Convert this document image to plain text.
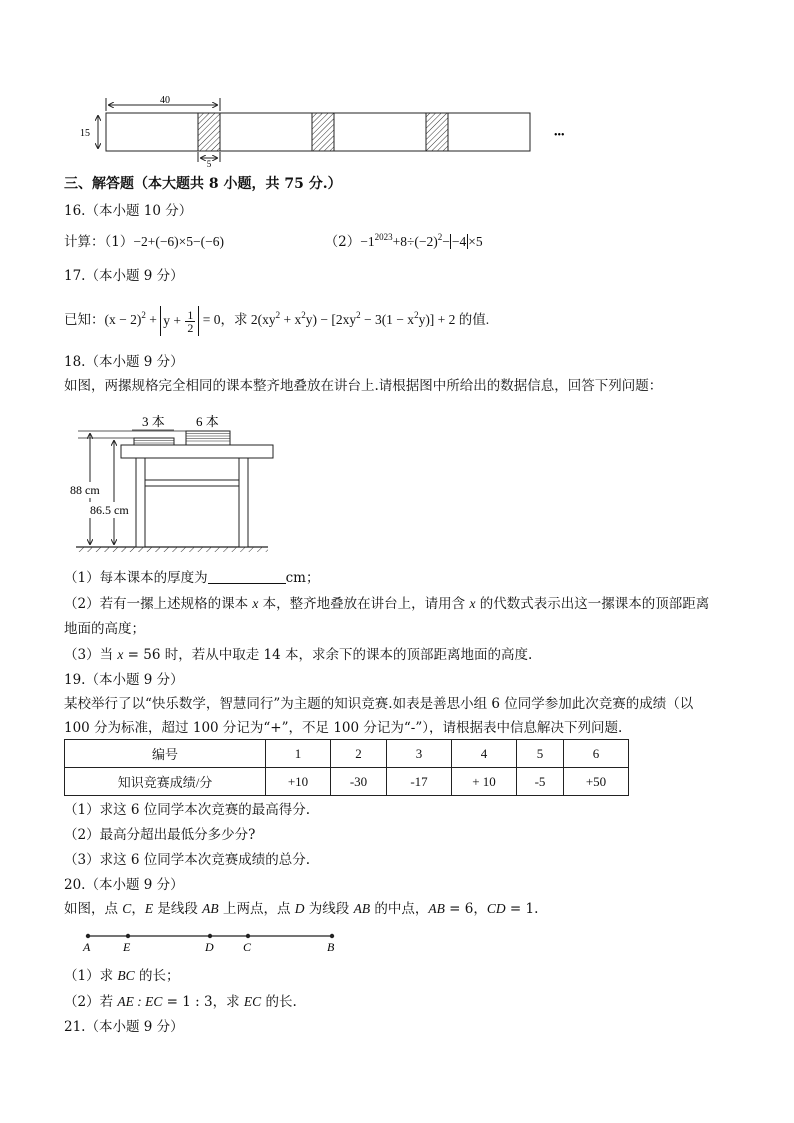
40
15
5
•••
三、解答题（本大题共 8 小题，共 75 分.）
16.（本小题 10 分）
计算：（1）−2+(−6)×5−(−6)	$(2)-1^{2023}+8\div(-2)^2- -4 \times 5$
17.（本小题 9 分）
已知：$(x - 2)^2 + y + \frac{1}{2} = 0$，求 $2(xy^2 + x^2y) - [2xy^2 - 3(1 - x^2y)] + 2$ 的值.
18.（本小题 9 分）
如图，两摞规格完全相同的课本整齐地叠放在讲台上.请根据图中所给出的数据信息，回答下列问题：
3 本 6 本
88 cm
86.5 cm
（1）每本课本的厚度为	cm；
（2）若有一摞上述规格的课本 x 本，整齐地叠放在讲台上，请用含 x 的代数式表示出这一摞课本的顶部距离
地面的高度；
（3）当 x = 56 时，若从中取走 14 本，求余下的课本的顶部距离地面的高度.
19.（本小题 9 分）
某校举行了以“快乐数学，智慧同行”为主题的知识竞赛.如表是善思小组 6 位同学参加此次竞赛的成绩（以
100 分为标准，超过 100 分记为“+”，不足 100 分记为“-”），请根据表中信息解决下列问题.
编号	1	2	3	4	5	6
知识竞赛成绩/分	+10	-30	-17	+ 10	-5	+50
（1）求这 6 位同学本次竞赛的最高得分.
（2）最高分超出最低分多少分?
（3）求这 6 位同学本次竞赛成绩的总分.
20.（本小题 9 分）
如图，点 C，E 是线段 AB 上两点，点 D 为线段 AB 的中点，AB = 6，CD = 1.
A	E	D C	B
（1）求 BC 的长；
（2）若 AE : EC = 1 : 3，求 EC 的长.
21.（本小题 9 分）
